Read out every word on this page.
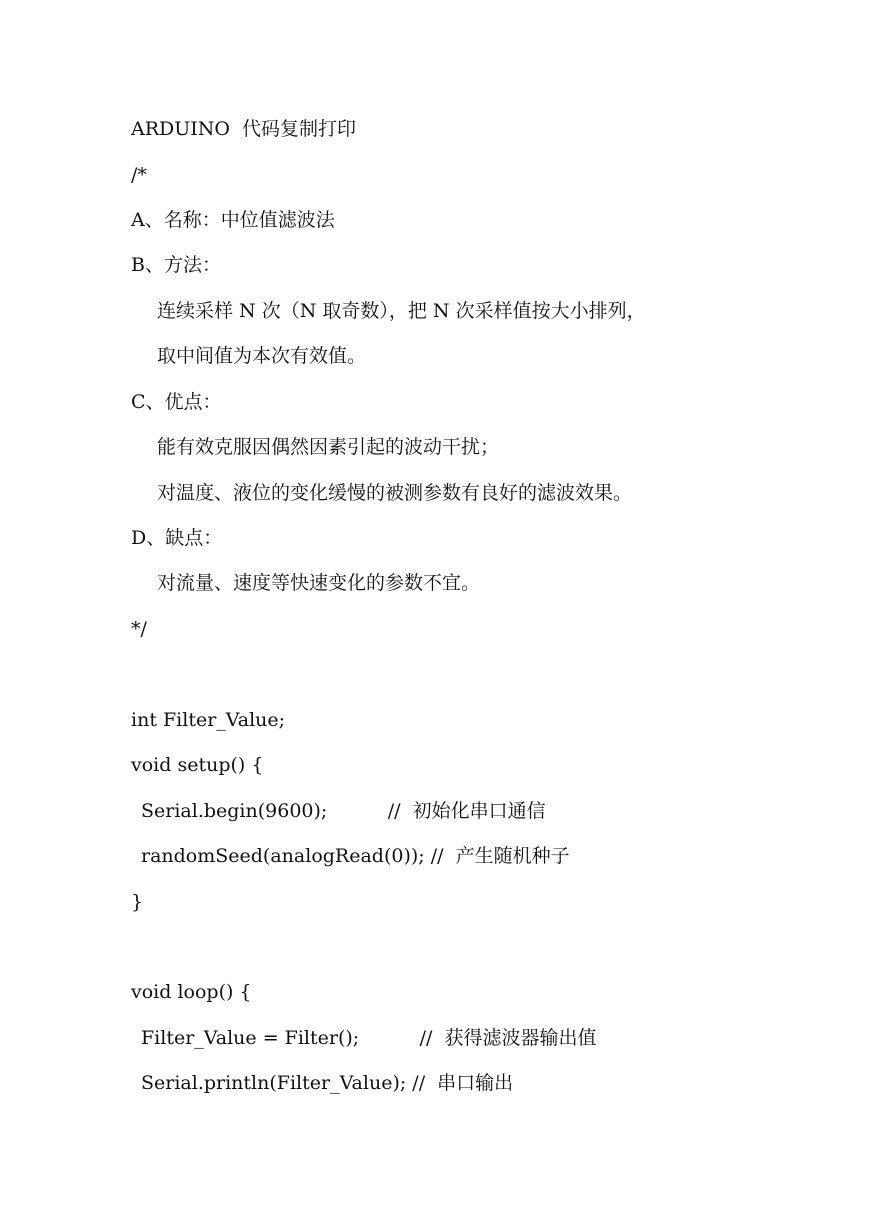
ARDUINO  代码复制打印

/*

A、名称：中位值滤波法

B、方法：

连续采样 N 次（N 取奇数），把 N 次采样值按大小排列，

取中间值为本次有效值。

C、优点：

能有效克服因偶然因素引起的波动干扰；

对温度、液位的变化缓慢的被测参数有良好的滤波效果。

D、缺点：

对流量、速度等快速变化的参数不宜。

*/

int Filter_Value;

void setup() {

Serial.begin(9600);          //  初始化串口通信

randomSeed(analogRead(0)); //  产生随机种子

}

void loop() {

Filter_Value = Filter();          //  获得滤波器输出值

Serial.println(Filter_Value); //  串口输出
